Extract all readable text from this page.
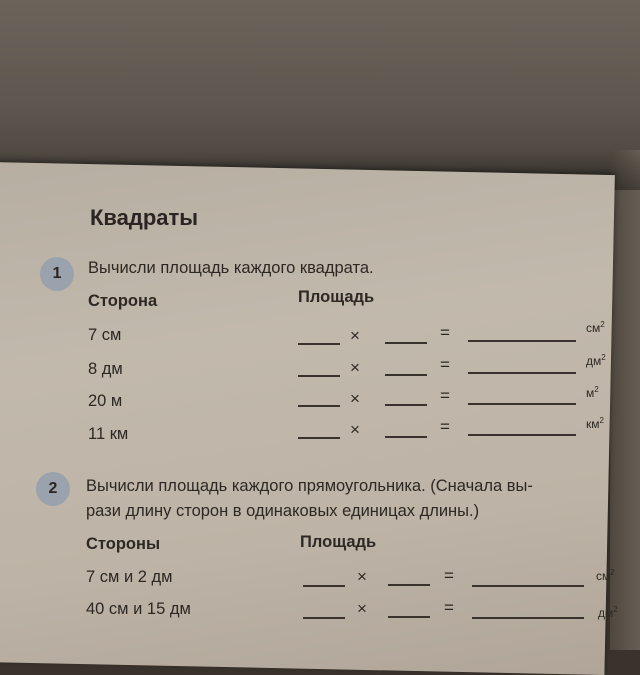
Квадраты
1 Вычисли площадь каждого квадрата.
Сторона	Площадь
7 см	×	=	$см^2$
8 дм	×	=	$дм^2$
20 м	×	=	$м^2$
11 км	×	=	$км^2$
2 Вычисли площадь каждого прямоугольника. (Сначала вы-
рази длину сторон в одинаковых единицах длины.)
Стороны	Площадь
7 см и 2 дм	×	=	$см^2$
40 см и 15 дм	×	=	$дм^2$
